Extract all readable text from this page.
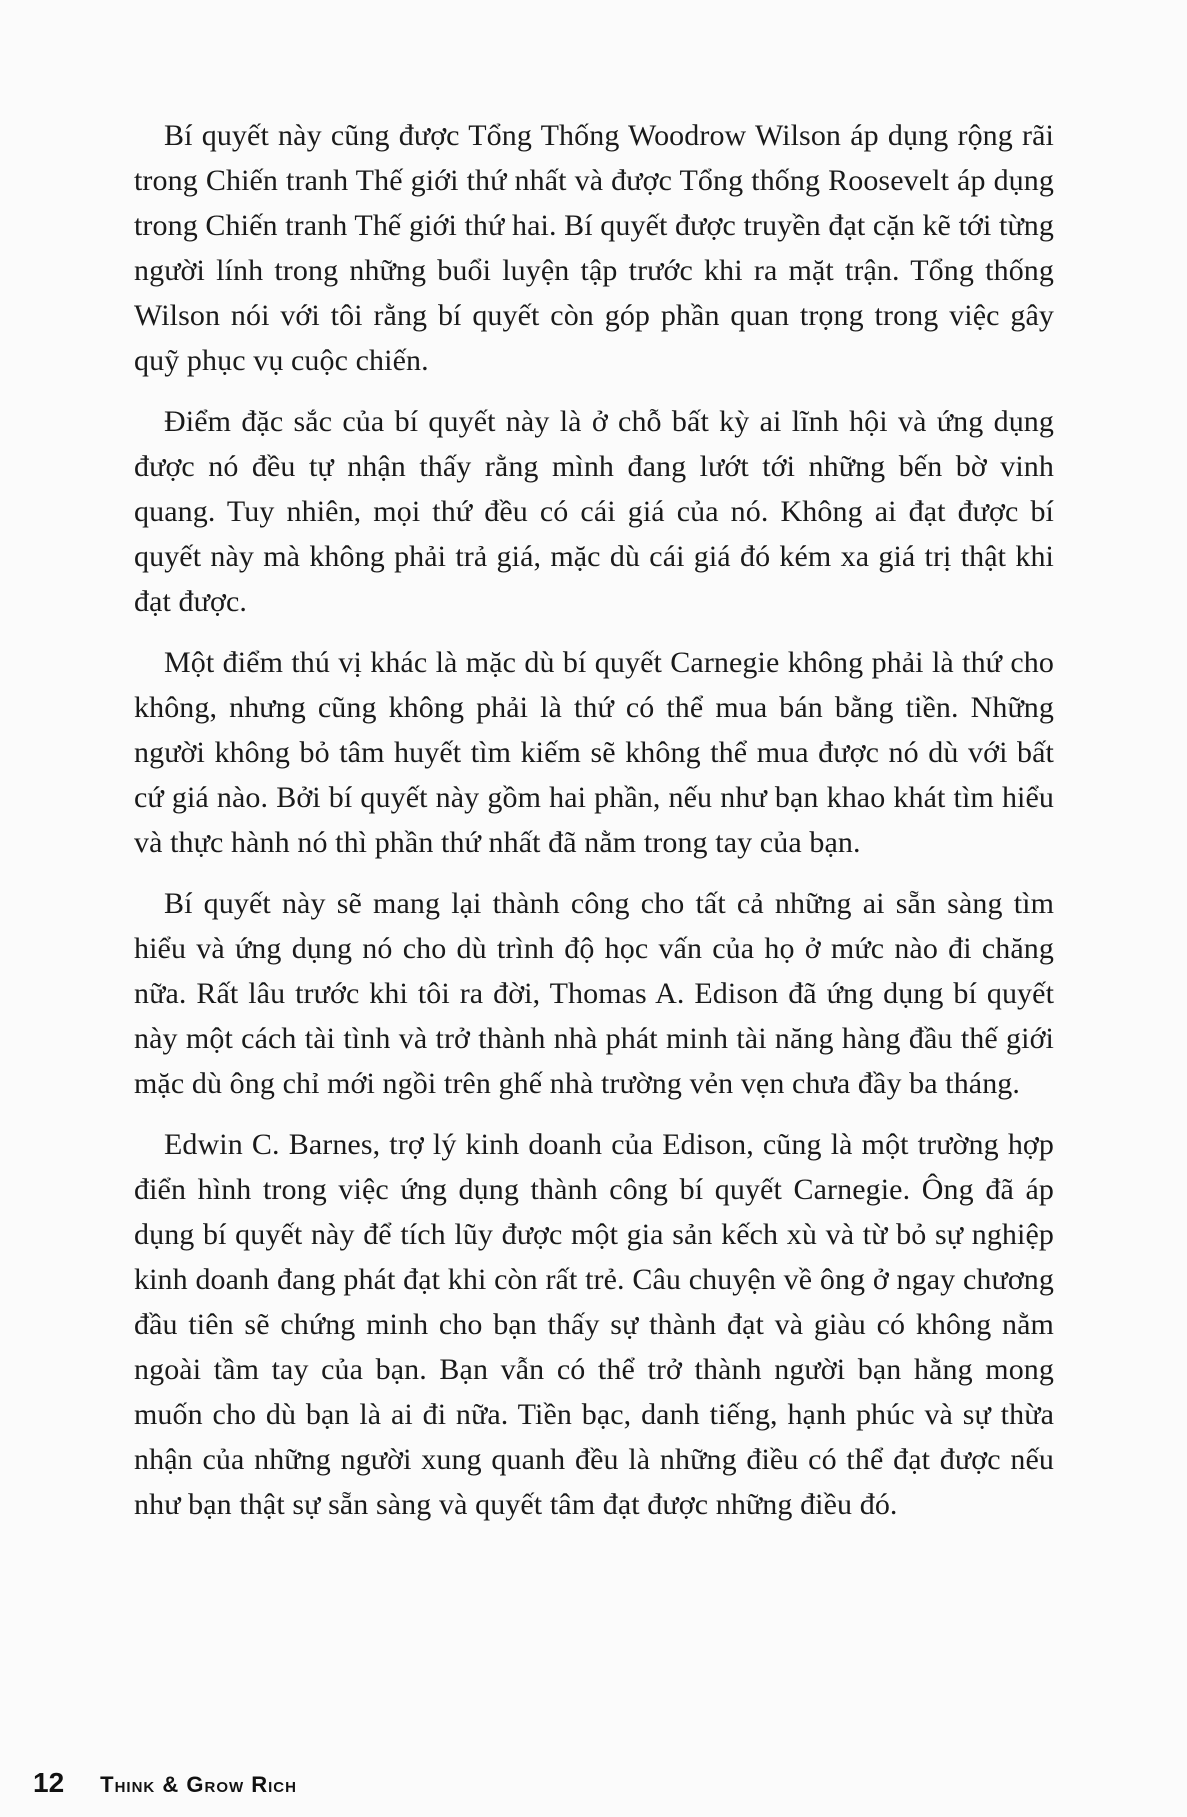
Bí quyết này cũng được Tổng Thống Woodrow Wilson áp dụng rộng rãi trong Chiến tranh Thế giới thứ nhất và được Tổng thống Roosevelt áp dụng trong Chiến tranh Thế giới thứ hai. Bí quyết được truyền đạt cặn kẽ tới từng người lính trong những buổi luyện tập trước khi ra mặt trận. Tổng thống Wilson nói với tôi rằng bí quyết còn góp phần quan trọng trong việc gây quỹ phục vụ cuộc chiến.

Điểm đặc sắc của bí quyết này là ở chỗ bất kỳ ai lĩnh hội và ứng dụng được nó đều tự nhận thấy rằng mình đang lướt tới những bến bờ vinh quang. Tuy nhiên, mọi thứ đều có cái giá của nó. Không ai đạt được bí quyết này mà không phải trả giá, mặc dù cái giá đó kém xa giá trị thật khi đạt được.

Một điểm thú vị khác là mặc dù bí quyết Carnegie không phải là thứ cho không, nhưng cũng không phải là thứ có thể mua bán bằng tiền. Những người không bỏ tâm huyết tìm kiếm sẽ không thể mua được nó dù với bất cứ giá nào. Bởi bí quyết này gồm hai phần, nếu như bạn khao khát tìm hiểu và thực hành nó thì phần thứ nhất đã nằm trong tay của bạn.

Bí quyết này sẽ mang lại thành công cho tất cả những ai sẵn sàng tìm hiểu và ứng dụng nó cho dù trình độ học vấn của họ ở mức nào đi chăng nữa. Rất lâu trước khi tôi ra đời, Thomas A. Edison đã ứng dụng bí quyết này một cách tài tình và trở thành nhà phát minh tài năng hàng đầu thế giới mặc dù ông chỉ mới ngồi trên ghế nhà trường vẻn vẹn chưa đầy ba tháng.

Edwin C. Barnes, trợ lý kinh doanh của Edison, cũng là một trường hợp điển hình trong việc ứng dụng thành công bí quyết Carnegie. Ông đã áp dụng bí quyết này để tích lũy được một gia sản kếch xù và từ bỏ sự nghiệp kinh doanh đang phát đạt khi còn rất trẻ. Câu chuyện về ông ở ngay chương đầu tiên sẽ chứng minh cho bạn thấy sự thành đạt và giàu có không nằm ngoài tầm tay của bạn. Bạn vẫn có thể trở thành người bạn hằng mong muốn cho dù bạn là ai đi nữa. Tiền bạc, danh tiếng, hạnh phúc và sự thừa nhận của những người xung quanh đều là những điều có thể đạt được nếu như bạn thật sự sẵn sàng và quyết tâm đạt được những điều đó.

12 Think & Grow Rich
